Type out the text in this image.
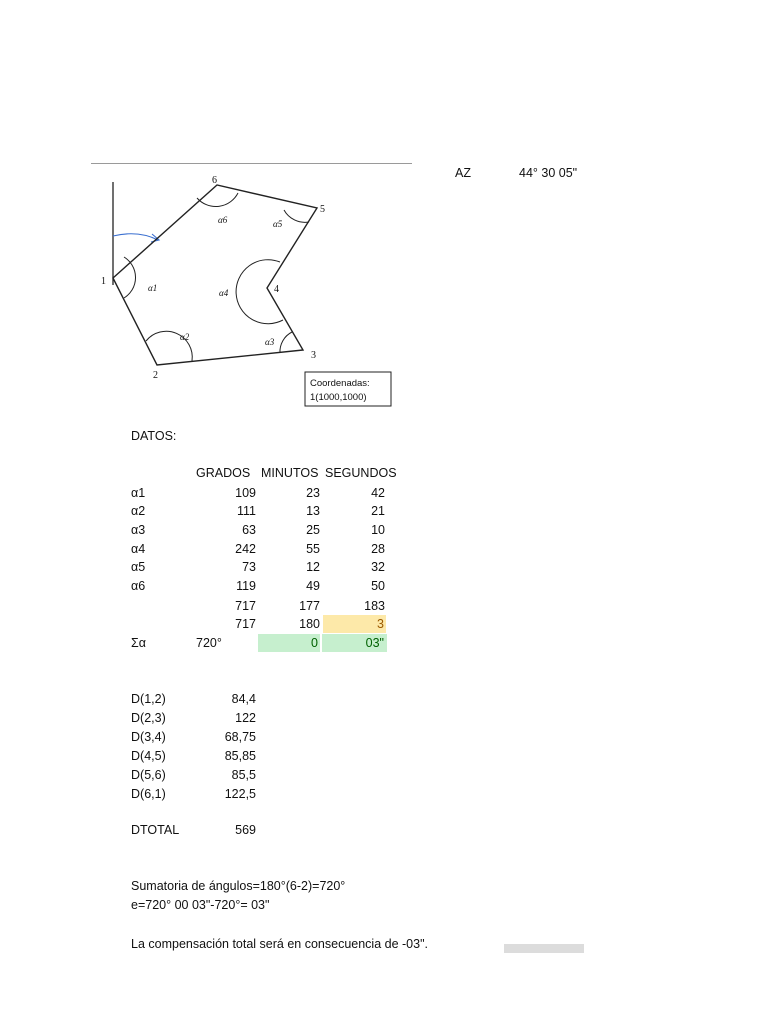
AZ	44° 30 05"
1
2
3
4
5
6
α1
α2	α3
α4
α5
α6
Coordenadas:
1(1000,1000)
DATOS:
GRADOS MINUTOS SEGUNDOS
α1	109	23	42
α2	111	13	21
α3	63	25	10
α4	242	55	28
α5	73	12	32
α6	119	49	50
717	177	183
717	180	3
Σα	720°	0	03"
D(1,2)	84,4
D(2,3)	122
D(3,4)	68,75
D(4,5)	85,85
D(5,6)	85,5
D(6,1)	122,5
DTOTAL	569
Sumatoria de ángulos=180°(6-2)=720°
e=720° 00 03"-720°= 03"
La compensación total será en consecuencia de -03".
